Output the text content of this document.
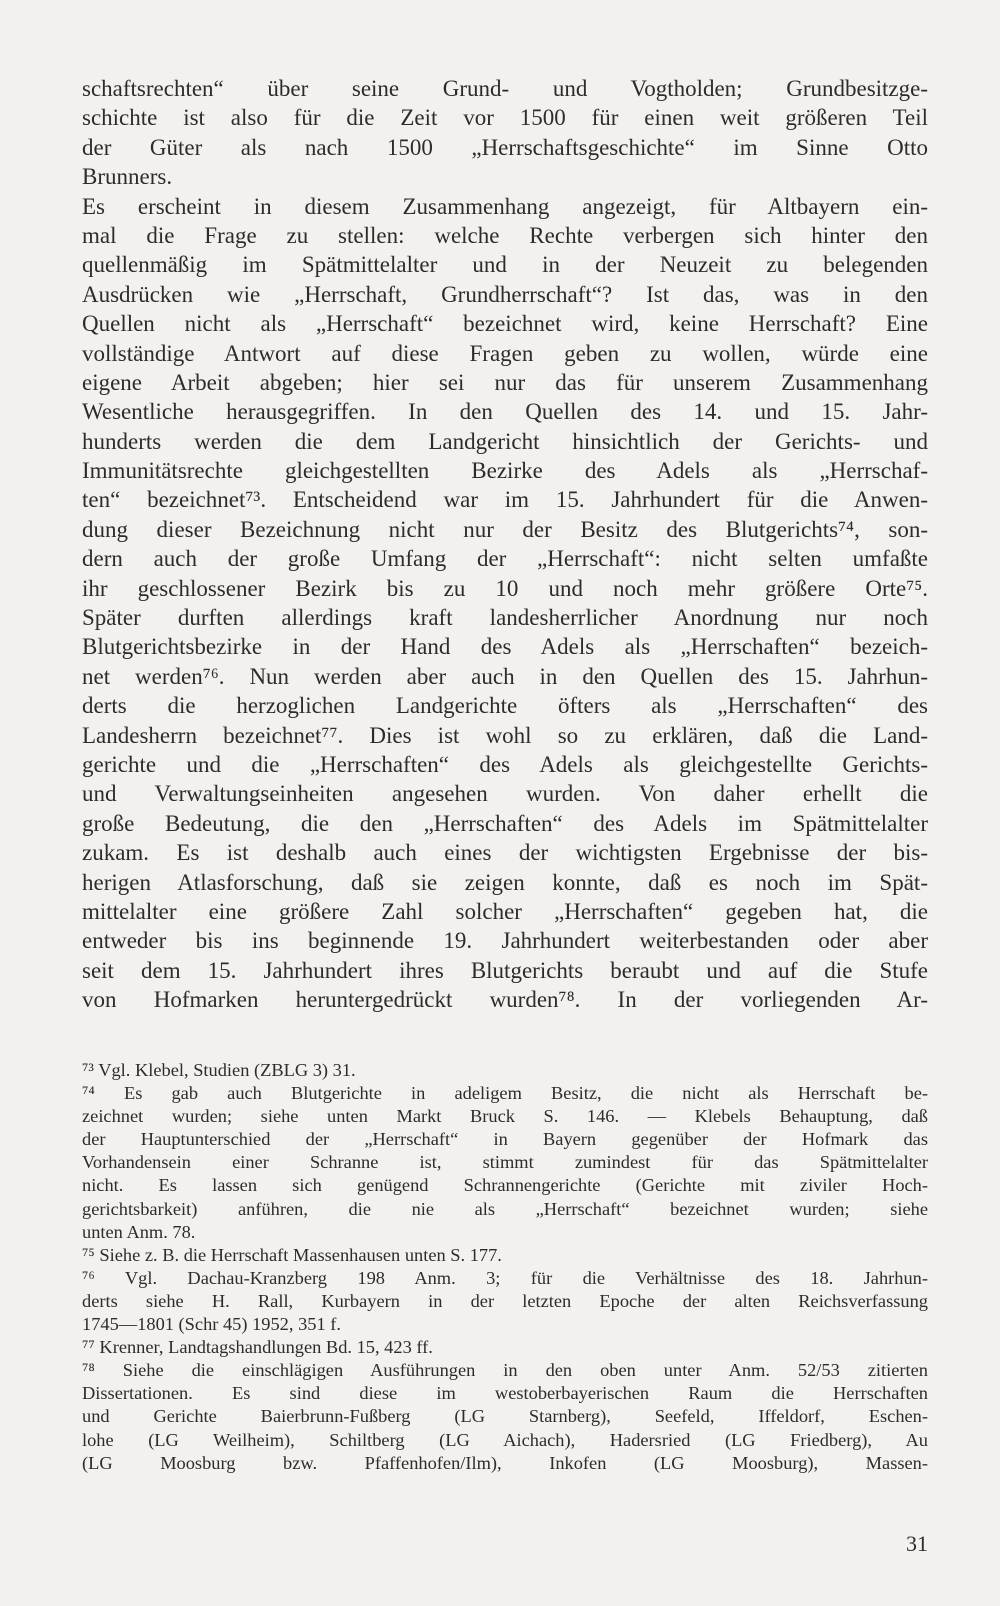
schaftsrechten“ über seine Grund- und Vogtholden; Grundbesitzge-
schichte ist also für die Zeit vor 1500 für einen weit größeren Teil
der Güter als nach 1500 „Herrschaftsgeschichte“ im Sinne Otto
Brunners.
Es erscheint in diesem Zusammenhang angezeigt, für Altbayern ein-
mal die Frage zu stellen: welche Rechte verbergen sich hinter den
quellenmäßig im Spätmittelalter und in der Neuzeit zu belegenden
Ausdrücken wie „Herrschaft, Grundherrschaft“? Ist das, was in den
Quellen nicht als „Herrschaft“ bezeichnet wird, keine Herrschaft? Eine
vollständige Antwort auf diese Fragen geben zu wollen, würde eine
eigene Arbeit abgeben; hier sei nur das für unserem Zusammenhang
Wesentliche herausgegriffen. In den Quellen des 14. und 15. Jahr-
hunderts werden die dem Landgericht hinsichtlich der Gerichts- und
Immunitätsrechte gleichgestellten Bezirke des Adels als „Herrschaf-
ten“ bezeichnet⁷³. Entscheidend war im 15. Jahrhundert für die Anwen-
dung dieser Bezeichnung nicht nur der Besitz des Blutgerichts⁷⁴, son-
dern auch der große Umfang der „Herrschaft“: nicht selten umfaßte
ihr geschlossener Bezirk bis zu 10 und noch mehr größere Orte⁷⁵.
Später durften allerdings kraft landesherrlicher Anordnung nur noch
Blutgerichtsbezirke in der Hand des Adels als „Herrschaften“ bezeich-
net werden⁷⁶. Nun werden aber auch in den Quellen des 15. Jahrhun-
derts die herzoglichen Landgerichte öfters als „Herrschaften“ des
Landesherrn bezeichnet⁷⁷. Dies ist wohl so zu erklären, daß die Land-
gerichte und die „Herrschaften“ des Adels als gleichgestellte Gerichts-
und Verwaltungseinheiten angesehen wurden. Von daher erhellt die
große Bedeutung, die den „Herrschaften“ des Adels im Spätmittelalter
zukam. Es ist deshalb auch eines der wichtigsten Ergebnisse der bis-
herigen Atlasforschung, daß sie zeigen konnte, daß es noch im Spät-
mittelalter eine größere Zahl solcher „Herrschaften“ gegeben hat, die
entweder bis ins beginnende 19. Jahrhundert weiterbestanden oder aber
seit dem 15. Jahrhundert ihres Blutgerichts beraubt und auf die Stufe
von Hofmarken heruntergedrückt wurden⁷⁸. In der vorliegenden Ar-
⁷³ Vgl. Klebel, Studien (ZBLG 3) 31.
⁷⁴ Es gab auch Blutgerichte in adeligem Besitz, die nicht als Herrschaft be-
zeichnet wurden; siehe unten Markt Bruck S. 146. — Klebels Behauptung, daß
der Hauptunterschied der „Herrschaft“ in Bayern gegenüber der Hofmark das
Vorhandensein einer Schranne ist, stimmt zumindest für das Spätmittelalter
nicht. Es lassen sich genügend Schrannengerichte (Gerichte mit ziviler Hoch-
gerichtsbarkeit) anführen, die nie als „Herrschaft“ bezeichnet wurden; siehe
unten Anm. 78.
⁷⁵ Siehe z. B. die Herrschaft Massenhausen unten S. 177.
⁷⁶ Vgl. Dachau-Kranzberg 198 Anm. 3; für die Verhältnisse des 18. Jahrhun-
derts siehe H. Rall, Kurbayern in der letzten Epoche der alten Reichsverfassung
1745—1801 (Schr 45) 1952, 351 f.
⁷⁷ Krenner, Landtagshandlungen Bd. 15, 423 ff.
⁷⁸ Siehe die einschlägigen Ausführungen in den oben unter Anm. 52/53 zitierten
Dissertationen. Es sind diese im westoberbayerischen Raum die Herrschaften
und Gerichte Baierbrunn-Fußberg (LG Starnberg), Seefeld, Iffeldorf, Eschen-
lohe (LG Weilheim), Schiltberg (LG Aichach), Hadersried (LG Friedberg), Au
(LG Moosburg bzw. Pfaffenhofen/Ilm), Inkofen (LG Moosburg), Massen-
31
